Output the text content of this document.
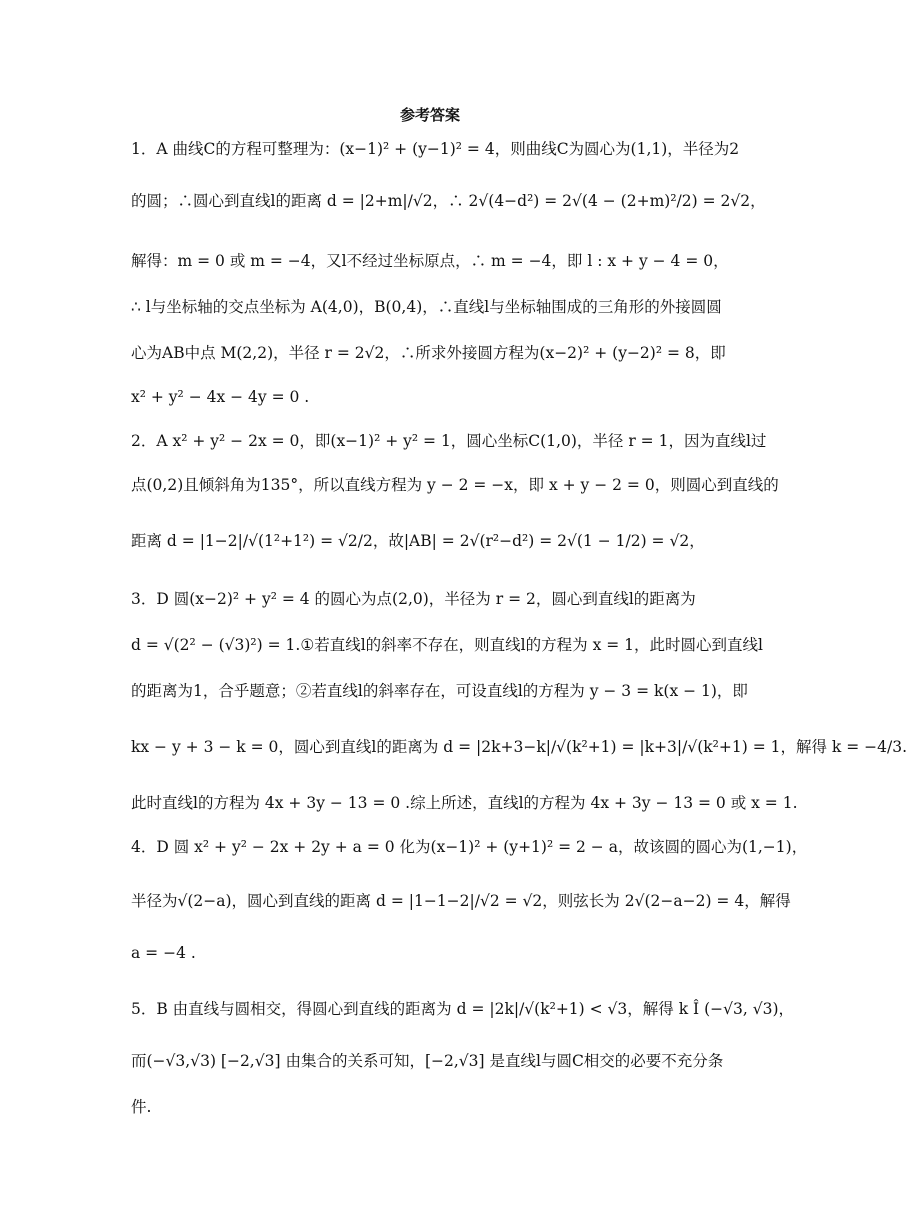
参考答案
1．A 曲线C的方程可整理为：(x−1)² + (y−1)² = 4，则曲线C为圆心为(1,1)，半径为2
的圆；∴圆心到直线l的距离 d = |2+m|/√2，∴ 2√(4−d²) = 2√(4 − (2+m)²/2) = 2√2，
解得：m = 0 或 m = −4，又l不经过坐标原点，∴ m = −4，即 l : x + y − 4 = 0，
∴ l与坐标轴的交点坐标为 A(4,0)，B(0,4)，∴直线l与坐标轴围成的三角形的外接圆圆
心为AB中点 M(2,2)，半径 r = 2√2，∴所求外接圆方程为(x−2)² + (y−2)² = 8，即
x² + y² − 4x − 4y = 0 .
2．A x² + y² − 2x = 0，即(x−1)² + y² = 1，圆心坐标C(1,0)，半径 r = 1，因为直线l过
点(0,2)且倾斜角为135°，所以直线方程为 y − 2 = −x，即 x + y − 2 = 0，则圆心到直线的
距离 d = |1−2|/√(1²+1²) = √2/2，故|AB| = 2√(r²−d²) = 2√(1 − 1/2) = √2，
3．D 圆(x−2)² + y² = 4 的圆心为点(2,0)，半径为 r = 2，圆心到直线l的距离为
d = √(2² − (√3)²) = 1.①若直线l的斜率不存在，则直线l的方程为 x = 1，此时圆心到直线l
的距离为1，合乎题意；②若直线l的斜率存在，可设直线l的方程为 y − 3 = k(x − 1)，即
kx − y + 3 − k = 0，圆心到直线l的距离为 d = |2k+3−k|/√(k²+1) = |k+3|/√(k²+1) = 1，解得 k = −4/3.
此时直线l的方程为 4x + 3y − 13 = 0 .综上所述，直线l的方程为 4x + 3y − 13 = 0 或 x = 1.
4．D 圆 x² + y² − 2x + 2y + a = 0 化为(x−1)² + (y+1)² = 2 − a，故该圆的圆心为(1,−1)，
半径为√(2−a)，圆心到直线的距离 d = |1−1−2|/√2 = √2，则弦长为 2√(2−a−2) = 4，解得
a = −4 .
5．B 由直线与圆相交，得圆心到直线的距离为 d = |2k|/√(k²+1) < √3，解得 k Î (−√3, √3)，
而(−√3,√3) [−2,√3] 由集合的关系可知，[−2,√3] 是直线l与圆C相交的必要不充分条
件.
